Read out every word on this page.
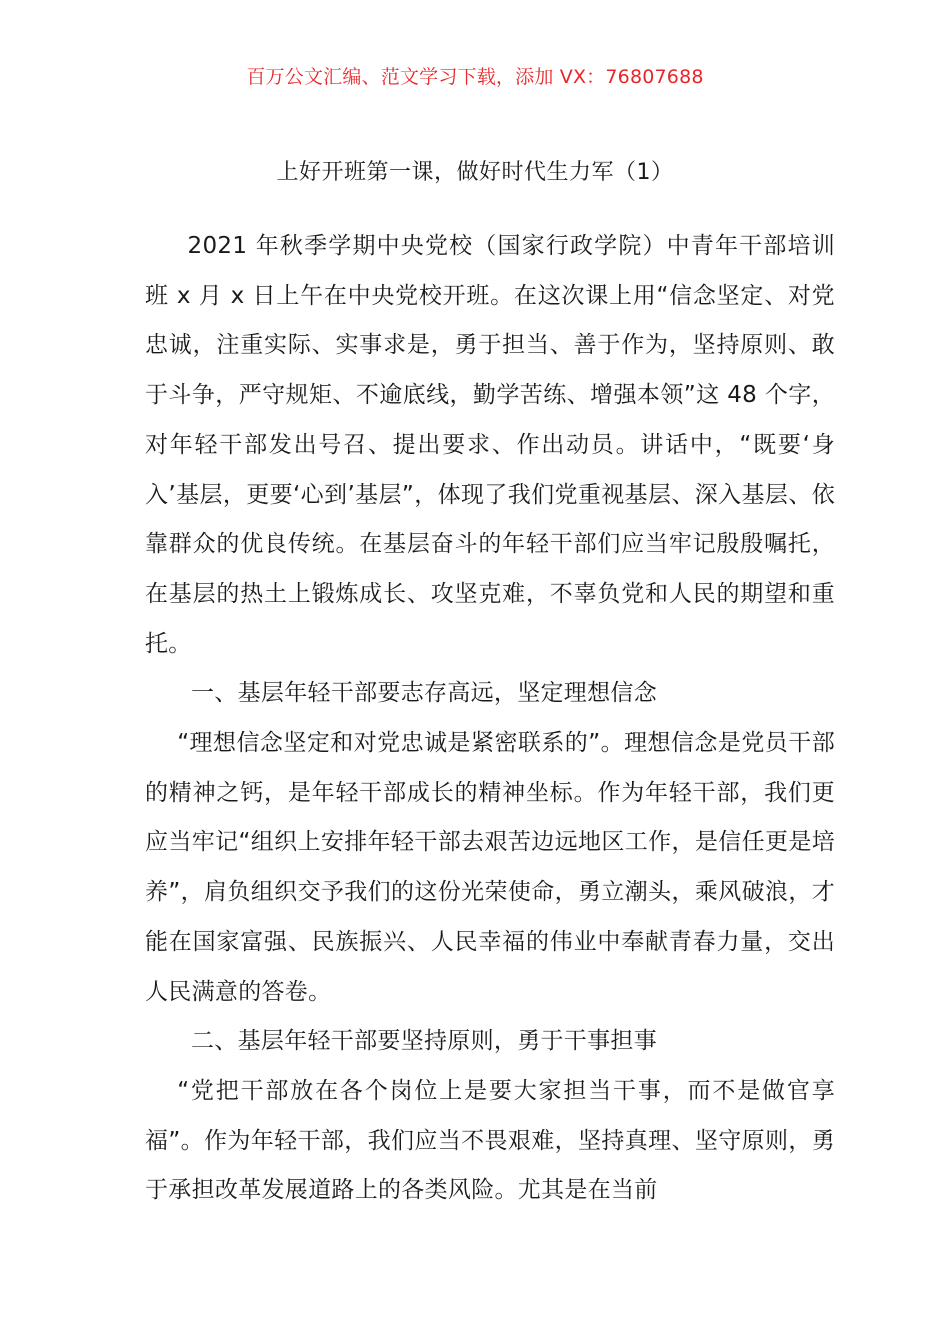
百万公文汇编、范文学习下载，添加 VX：76807688
上好开班第一课，做好时代生力军（1）

2021 年秋季学期中央党校（国家行政学院）中青年干部培训班 x 月 x 日上午在中央党校开班。在这次课上用“信念坚定、对党忠诚，注重实际、实事求是，勇于担当、善于作为，坚持原则、敢于斗争，严守规矩、不逾底线，勤学苦练、增强本领”这 48 个字，对年轻干部发出号召、提出要求、作出动员。讲话中，“既要‘身入’基层，更要‘心到’基层”，体现了我们党重视基层、深入基层、依靠群众的优良传统。在基层奋斗的年轻干部们应当牢记殷殷嘱托，在基层的热土上锻炼成长、攻坚克难，不辜负党和人民的期望和重托。

一、基层年轻干部要志存高远，坚定理想信念

“理想信念坚定和对党忠诚是紧密联系的”。理想信念是党员干部的精神之钙，是年轻干部成长的精神坐标。作为年轻干部，我们更应当牢记“组织上安排年轻干部去艰苦边远地区工作，是信任更是培养”，肩负组织交予我们的这份光荣使命，勇立潮头，乘风破浪，才能在国家富强、民族振兴、人民幸福的伟业中奉献青春力量，交出人民满意的答卷。

二、基层年轻干部要坚持原则，勇于干事担事

“党把干部放在各个岗位上是要大家担当干事，而不是做官享福”。作为年轻干部，我们应当不畏艰难，坚持真理、坚守原则，勇于承担改革发展道路上的各类风险。尤其是在当前
